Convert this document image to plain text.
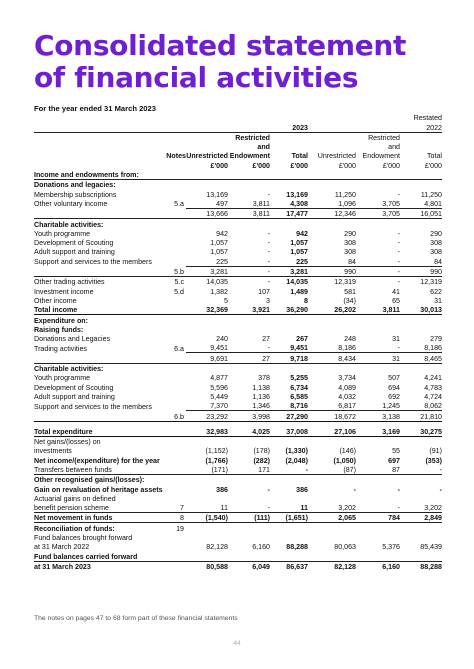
Consolidated statement
of financial activities
For the year ended 31 March 2023
							Restated
		2023			2022		
			Restricted			Restricted	
			and			and	
	Notes	Unrestricted	Endowment	Total	Unrestricted	Endowment	Total
		£'000	£'000	£'000	£'000	£'000	£'000
Income and endowments from:							
Donations and legacies:							
Membership subscriptions		13,169	-	13,169	11,250	-	11,250
Other voluntary income	5.a	497	3,811	4,308	1,096	3,705	4,801
		13,666	3,811	17,477	12,346	3,705	16,051
Charitable activities:							
Youth programme		942	-	942	290	-	290
Development of Scouting		1,057	-	1,057	308	-	308
Adult support and training		1,057	-	1,057	308	-	308
Support and services to the members		225	-	225	84	-	84
	5.b	3,281	-	3,281	990	-	990
Other trading activities	5.c	14,035	-	14,035	12,319	-	12,319
Investment income	5.d	1,382	107	1,489	581	41	622
Other income		5	3	8	(34)	65	31
Total income		32,369	3,921	36,290	26,202	3,811	30,013
Expenditure on:							
Raising funds:							
Donations and Legacies		240	27	267	248	31	279
Trading activities	6.a	9,451	-	9,451	8,186	-	8,186
		9,691	27	9,718	8,434	31	8,465
Charitable activities:							
Youth programme		4,877	378	5,255	3,734	507	4,241
Development of Scouting		5,596	1,138	6,734	4,089	694	4,783
Adult support and training		5,449	1,136	6,585	4,032	692	4,724
Support and services to the members		7,370	1,346	8,716	6,817	1,245	8,062
	6.b	23,292	3,998	27,290	18,672	3,138	21,810

Total expenditure		32,983	4,025	37,008	27,106	3,169	30,275
Net gains/(losses) on							
investments		(1,152)	(178)	(1,330)	(146)	55	(91)
Net income/(expenditure) for the year		(1,766)	(282)	(2,048)	(1,050)	697	(353)
Transfers between funds		(171)	171	-	(87)	87	-
Other recognised gains/(losses):							
Gain on revaluation of heritage assets		386	-	386	-	-	-
Actuarial gains on defined							
benefit pension scheme	7	11	-	11	3,202	-	3,202
Net movement in funds	8	(1,540)	(111)	(1,651)	2,065	784	2,849
Reconciliation of funds:	19						
Fund balances brought forward							
at 31 March 2022		82,128	6,160	88,288	80,063	5,376	85,439
Fund balances carried forward							
at 31 March 2023		80,588	6,049	86,637	82,128	6,160	88,288
The notes on pages 47 to 68 form part of these financial statements
44
